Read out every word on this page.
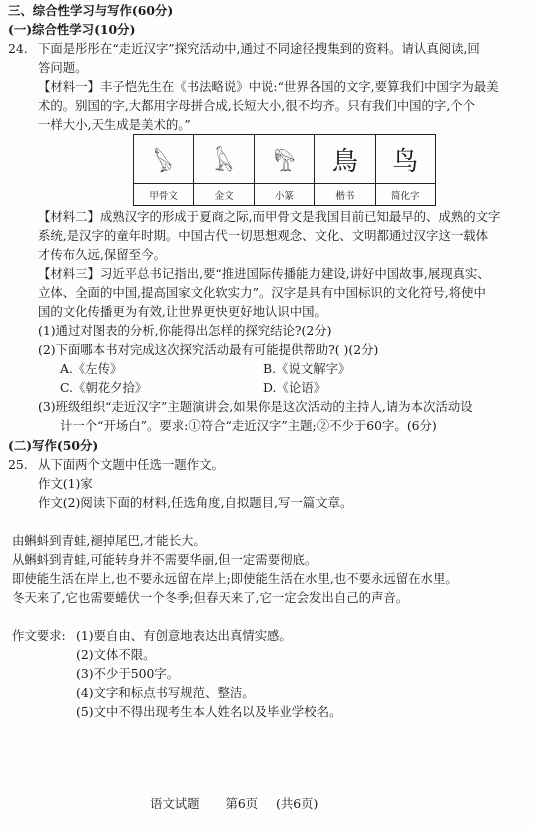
三、综合性学习与写作(60分)
(一)综合性学习(10分)
24. 下面是彤彤在“走近汉字”探究活动中,通过不同途径搜集到的资料。请认真阅读,回
答问题。
【材料一】丰子恺先生在《书法略说》中说:“世界各国的文字,要算我们中国字为最美
术的。别国的字,大都用字母拼合成,长短大小,很不均齐。只有我们中国的字,个个
一样大小,天生成是美术的。”
𓅃	𓅂	𓅟	鳥	鸟
甲骨文	金文	小篆	楷书	简化字
【材料二】成熟汉字的形成于夏商之际,而甲骨文是我国目前已知最早的、成熟的文字
系统,是汉字的童年时期。中国古代一切思想观念、文化、文明都通过汉字这一载体
才传布久远,保留至今。
【材料三】习近平总书记指出,要“推进国际传播能力建设,讲好中国故事,展现真实、
立体、全面的中国,提高国家文化软实力”。汉字是具有中国标识的文化符号,将使中
国的文化传播更为有效,让世界更快更好地认识中国。
(1)通过对图表的分析,你能得出怎样的探究结论?(2分)
(2)下面哪本书对完成这次探究活动最有可能提供帮助?( )(2分)
A.《左传》	B.《说文解字》
C.《朝花夕拾》	D.《论语》
(3)班级组织“走近汉字”主题演讲会,如果你是这次活动的主持人,请为本次活动设
计一个“开场白”。要求:①符合“走近汉字”主题;②不少于60字。(6分)
(二)写作(50分)
25. 从下面两个文题中任选一题作文。
作文(1)家
作文(2)阅读下面的材料,任选角度,自拟题目,写一篇文章。
由蝌蚪到青蛙,褪掉尾巴,才能长大。
从蝌蚪到青蛙,可能转身并不需要华丽,但一定需要彻底。
即使能生活在岸上,也不要永远留在岸上;即使能生活在水里,也不要永远留在水里。
冬天来了,它也需要蜷伏一个冬季;但春天来了,它一定会发出自己的声音。
作文要求: (1)要自由、有创意地表达出真情实感。
(2)文体不限。
(3)不少于500字。
(4)文字和标点书写规范、整洁。
(5)文中不得出现考生本人姓名以及毕业学校名。
语文试题 第6页 (共6页)
